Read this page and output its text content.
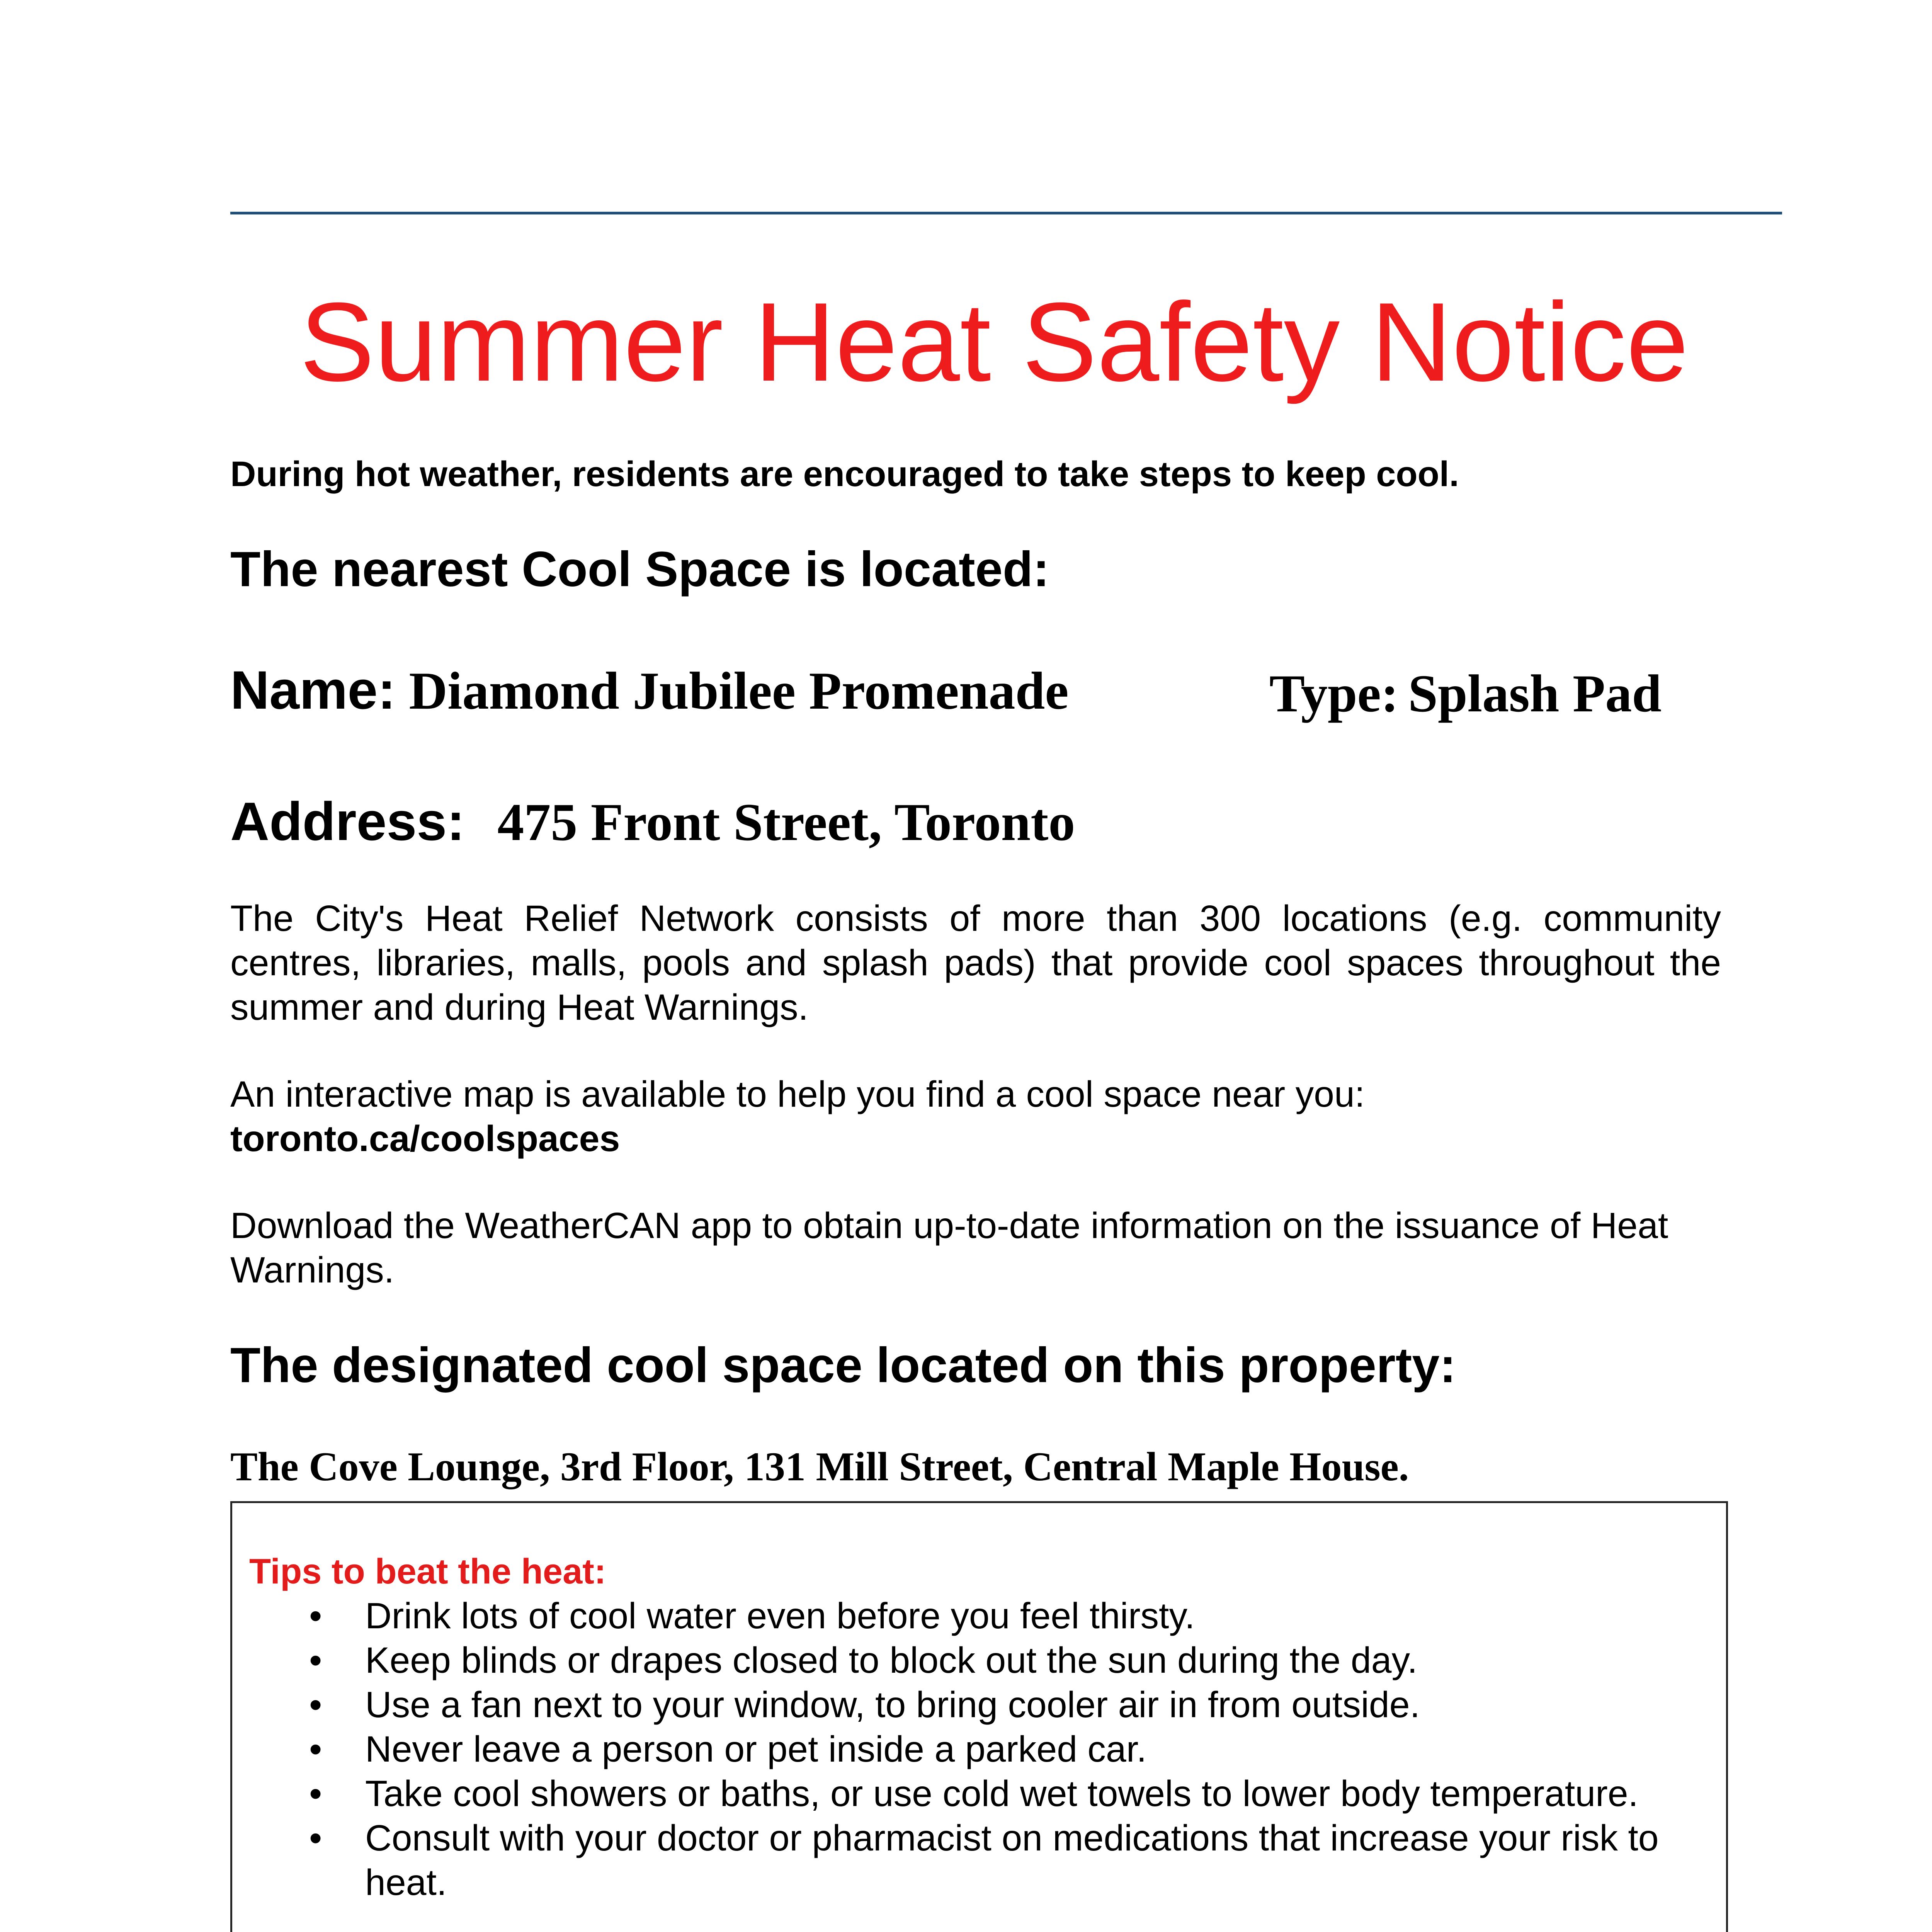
Summer Heat Safety Notice
During hot weather, residents are encouraged to take steps to keep cool.
The nearest Cool Space is located:
Name: Diamond Jubilee Promenade	Type: Splash Pad
Address: 475 Front Street, Toronto
The City's Heat Relief Network consists of more than 300 locations (e.g. community centres, libraries, malls, pools and splash pads) that provide cool spaces throughout the summer and during Heat Warnings.
An interactive map is available to help you find a cool space near you:
toronto.ca/coolspaces
Download the WeatherCAN app to obtain up-to-date information on the issuance of Heat Warnings.
The designated cool space located on this property:
The Cove Lounge, 3rd Floor, 131 Mill Street, Central Maple House.
Tips to beat the heat:
• Drink lots of cool water even before you feel thirsty.
• Keep blinds or drapes closed to block out the sun during the day.
• Use a fan next to your window, to bring cooler air in from outside.
• Never leave a person or pet inside a parked car.
• Take cool showers or baths, or use cold wet towels to lower body temperature.
• Consult with your doctor or pharmacist on medications that increase your risk to heat.
